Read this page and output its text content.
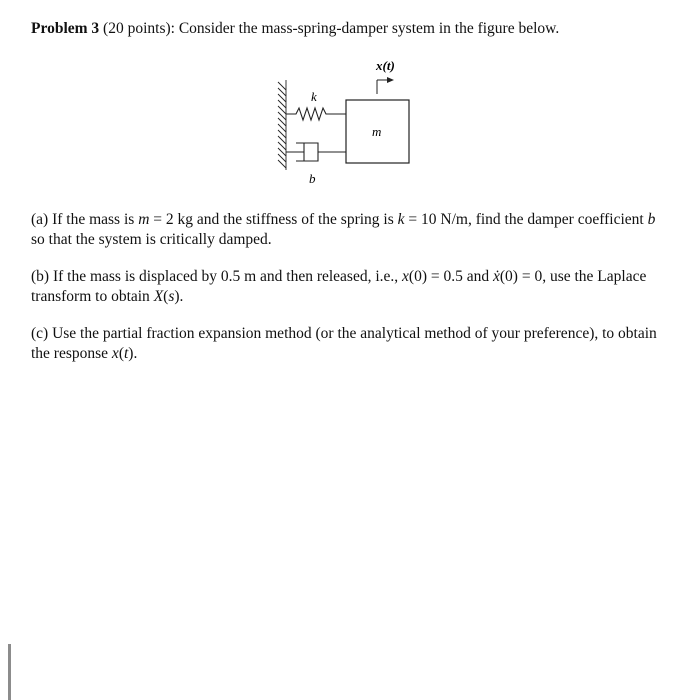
Problem 3 (20 points): Consider the mass-spring-damper system in the figure below.
x(t)
k
m
b
(a) If the mass is m = 2 kg and the stiffness of the spring is k = 10 N/m, find the damper coefficient b so that the system is critically damped.
(b) If the mass is displaced by 0.5 m and then released, i.e., x(0) = 0.5 and ẋ(0) = 0, use the Laplace transform to obtain X(s).
(c) Use the partial fraction expansion method (or the analytical method of your preference), to obtain the response x(t).
